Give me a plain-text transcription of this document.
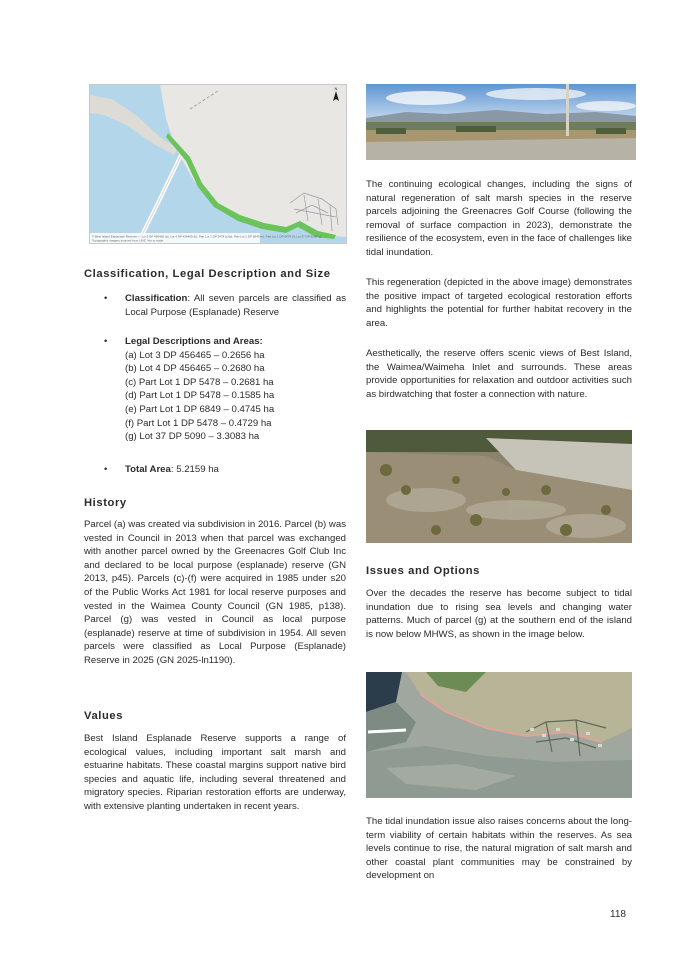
N
© Best Island Esplanade Reserve — Lot 3 DP 456465 (a), Lot 4 DP 456465 (b), Part Lot 1 DP 5478 (c)(d), Part Lot 1 DP 6849 (e), Part Lot 1 DP 5478 (f), Lot 37 DP 5090 (g)
Topographic imagery sourced from LINZ. Not to scale.
Classification, Legal Description and Size
• Classification: All seven parcels are classified as Local Purpose (Esplanade) Reserve
• Legal Descriptions and Areas:
(a) Lot 3 DP 456465 – 0.2656 ha
(b) Lot 4 DP 456465 – 0.2680 ha
(c) Part Lot 1 DP 5478 – 0.2681 ha
(d) Part Lot 1 DP 5478 – 0.1585 ha
(e) Part Lot 1 DP 6849 – 0.4745 ha
(f) Part Lot 1 DP 5478 – 0.4729 ha
(g) Lot 37 DP 5090 – 3.3083 ha
• Total Area: 5.2159 ha
History
Parcel (a) was created via subdivision in 2016. Parcel (b) was vested in Council in 2013 when that parcel was exchanged with another parcel owned by the Greenacres Golf Club Inc and declared to be local purpose (esplanade) reserve (GN 2013, p45). Parcels (c)-(f) were acquired in 1985 under s20 of the Public Works Act 1981 for local reserve purposes and vested in the Waimea County Council (GN 1985, p138). Parcel (g) was vested in Council as local purpose (esplanade) reserve at time of subdivision in 1954. All seven parcels were classified as Local Purpose (Esplanade) Reserve in 2025 (GN 2025-ln1190).
Values
Best Island Esplanade Reserve supports a range of ecological values, including important salt marsh and estuarine habitats. These coastal margins support native bird species and aquatic life, including several threatened and migratory species. Riparian restoration efforts are underway, with extensive planting undertaken in recent years.
The continuing ecological changes, including the signs of natural regeneration of salt marsh species in the reserve parcels adjoining the Greenacres Golf Course (following the removal of surface compaction in 2023), demonstrate the resilience of the ecosystem, even in the face of challenges like tidal inundation.
This regeneration (depicted in the above image) demonstrates the positive impact of targeted ecological restoration efforts and highlights the potential for further habitat recovery in the area.
Aesthetically, the reserve offers scenic views of Best Island, the Waimea/Waimeha Inlet and surrounds. These areas provide opportunities for relaxation and outdoor activities such as birdwatching that foster a connection with nature.
Issues and Options
Over the decades the reserve has become subject to tidal inundation due to rising sea levels and changing water patterns. Much of parcel (g) at the southern end of the island is now below MHWS, as shown in the image below.
The tidal inundation issue also raises concerns about the long-term viability of certain habitats within the reserves. As sea levels continue to rise, the natural migration of salt marsh and other coastal plant communities may be constrained by development on
118
